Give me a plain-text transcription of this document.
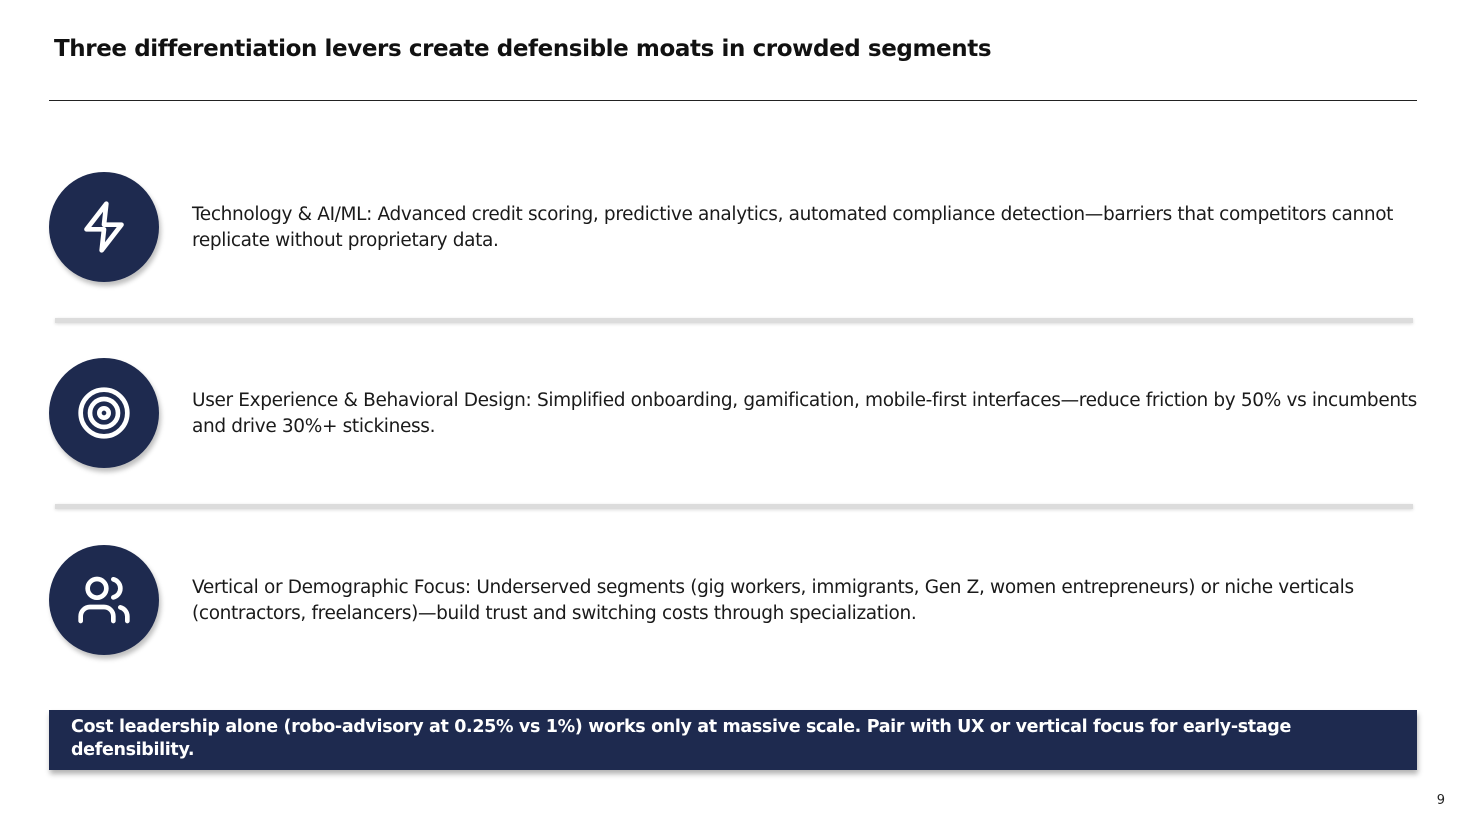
Three differentiation levers create defensible moats in crowded segments
Technology & AI/ML: Advanced credit scoring, predictive analytics, automated compliance detection—barriers that competitors cannot replicate without proprietary data.
User Experience & Behavioral Design: Simplified onboarding, gamification, mobile-first interfaces—reduce friction by 50% vs incumbents and drive 30%+ stickiness.
Vertical or Demographic Focus: Underserved segments (gig workers, immigrants, Gen Z, women entrepreneurs) or niche verticals (contractors, freelancers)—build trust and switching costs through specialization.
Cost leadership alone (robo-advisory at 0.25% vs 1%) works only at massive scale. Pair with UX or vertical focus for early-stage defensibility.
9
